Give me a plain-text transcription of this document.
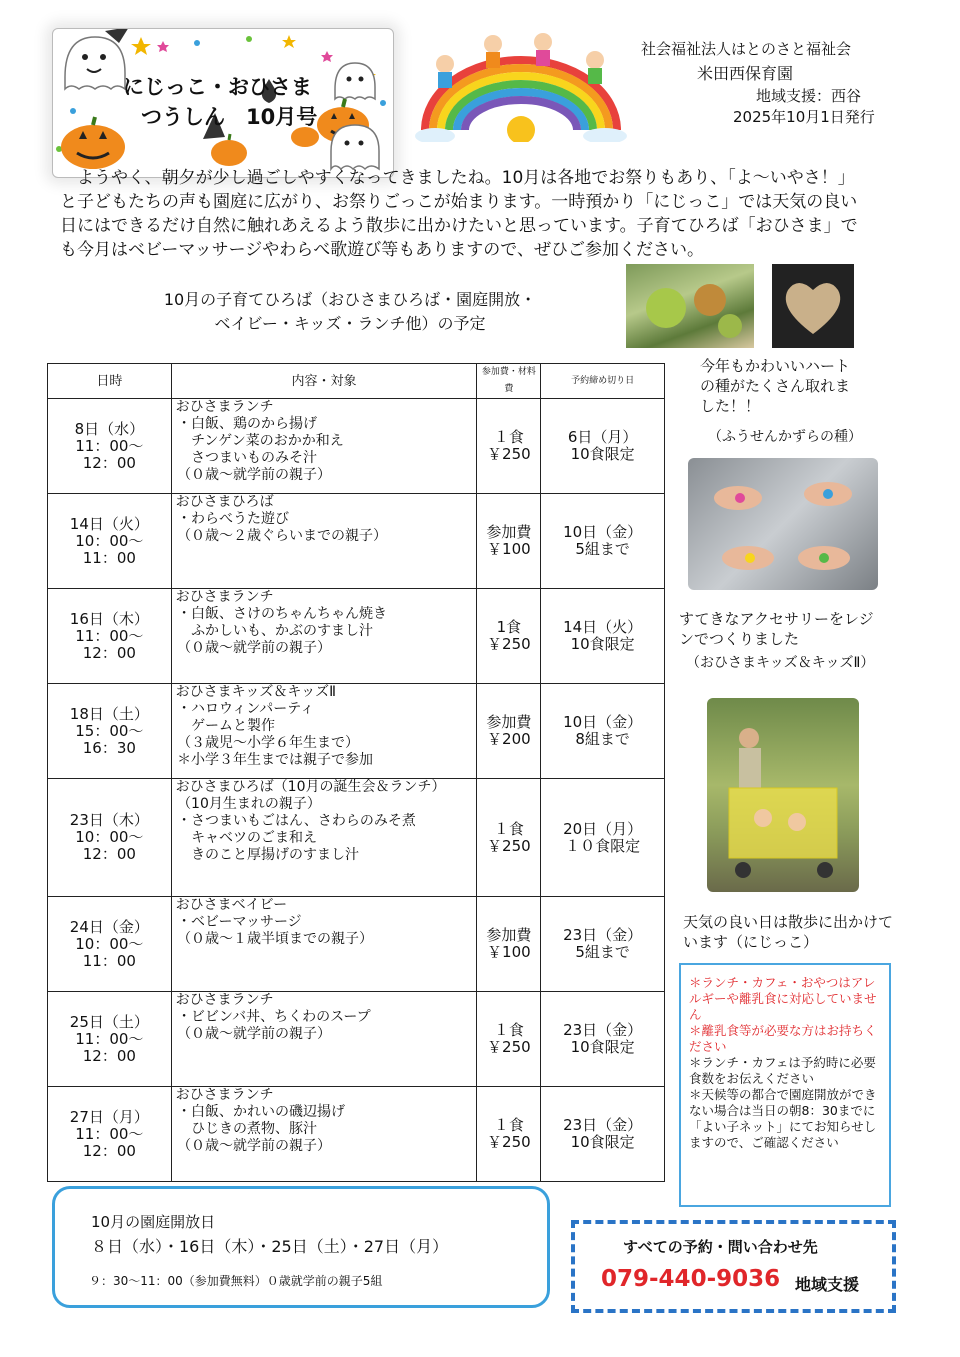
にじっこ・おひさま
つうしん　10月号
社会福祉法人はとのさと福祉会
米田西保育園
地域支援：西谷
2025年10月1日発行
ようやく、朝夕が少し過ごしやすくなってきましたね。10月は各地でお祭りもあり、「よ～いやさ！」と子どもたちの声も園庭に広がり、お祭りごっこが始まります。一時預かり「にじっこ」では天気の良い日にはできるだけ自然に触れあえるよう散歩に出かけたいと思っています。子育てひろば「おひさま」でも今月はベビーマッサージやわらべ歌遊び等もありますので、ぜひご参加ください。
10月の子育てひろば（おひさまひろば・園庭開放・
ベイビー・キッズ・ランチ他）の予定
日時	内容・対象	参加費・材料費	予約締め切り日

8日（水）
11：00～
12：00	おひさまランチ
・白飯、鶏のから揚げ
チンゲン菜のおかか和え
さつまいものみそ汁
（０歳～就学前の親子）	１食
￥250	6日（月）
10食限定

14日（火）
10：00～
11：00	おひさまひろば
・わらべうた遊び
（０歳～２歳ぐらいまでの親子）	参加費
￥100	10日（金）
5組まで

16日（木）
11：00～
12：00	おひさまランチ
・白飯、さけのちゃんちゃん焼き
ふかしいも、かぶのすまし汁
（０歳～就学前の親子）	1食
￥250	14日（火）
10食限定

18日（土）
15：00～
16：30	おひさまキッズ＆キッズⅡ
・ハロウィンパーティ
ゲームと製作
（３歳児～小学６年生まで）
＊小学３年生までは親子で参加	参加費
￥200	10日（金）
8組まで

23日（木）
10：00～
12：00	おひさまひろば（10月の誕生会＆ランチ）
（10月生まれの親子）
・さつまいもごはん、さわらのみそ煮
キャベツのごま和え
きのこと厚揚げのすまし汁	１食
￥250	20日（月）
１０食限定

24日（金）
10：00～
11：00	おひさまベイビー
・ベビーマッサージ
（０歳～１歳半頃までの親子）	参加費
￥100	23日（金）
5組まで

25日（土）
11：00～
12：00	おひさまランチ
・ビビンバ丼、ちくわのスープ
（０歳～就学前の親子）	１食
￥250	23日（金）
10食限定

27日（月）
11：00～
12：00	おひさまランチ
・白飯、かれいの磯辺揚げ
ひじきの煮物、豚汁
（０歳～就学前の親子）	１食
￥250	23日（金）
10食限定
今年もかわいいハート
の種がたくさん取れま
した！！
（ふうせんかずらの種）
すてきなアクセサリーをレジ
ンでつくりました
（おひさまキッズ＆キッズⅡ）
天気の良い日は散歩に出かけて
います（にじっこ）
＊ランチ・カフェ・おやつはアレルギーや離乳食に対応していません
＊離乳食等が必要な方はお持ちください
＊ランチ・カフェは予約時に必要食数をお伝えください
＊天候等の都合で園庭開放ができない場合は当日の朝8：30までに「よい子ネット」にてお知らせしますので、ご確認ください
10月の園庭開放日
８日（水）・16日（木）・25日（土）・27日（月）
９：30～11：00（参加費無料）０歳就学前の親子5組
すべての予約・問い合わせ先
079-440-9036 地域支援
